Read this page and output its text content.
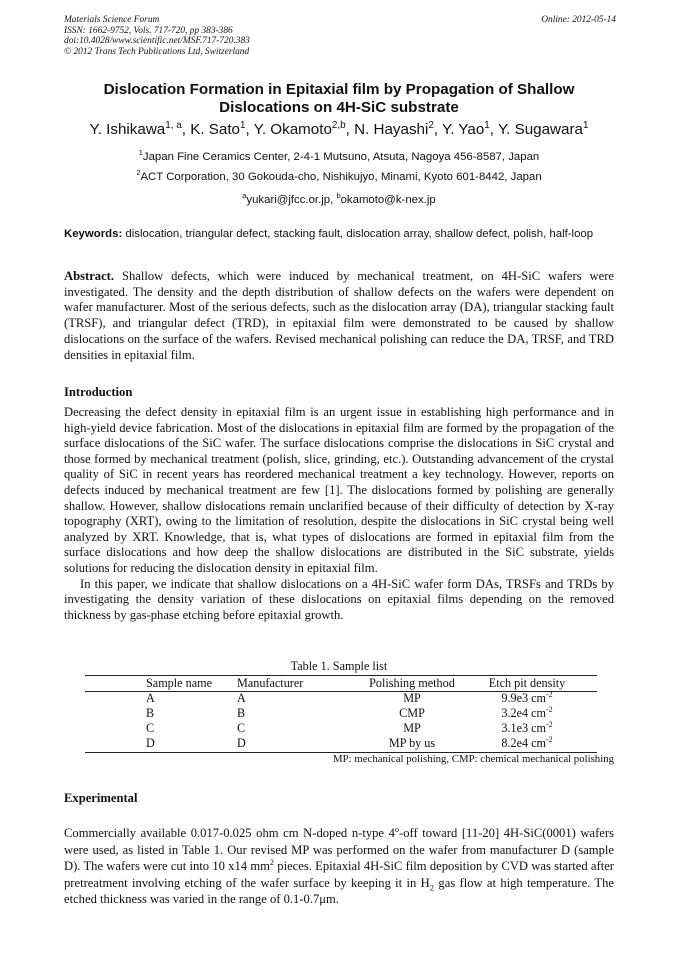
Materials Science Forum
ISSN: 1662-9752, Vols. 717-720, pp 383-386
doi:10.4028/www.scientific.net/MSF.717-720.383
© 2012 Trans Tech Publications Ltd, Switzerland
Online: 2012-05-14
Dislocation Formation in Epitaxial film by Propagation of Shallow
Dislocations on 4H-SiC substrate
Y. Ishikawa$^{1, a}$, K. Sato$^1$, Y. Okamoto$^{2,b}$, N. Hayashi$^2$, Y. Yao$^1$, Y. Sugawara$^1$
$^1$Japan Fine Ceramics Center, 2-4-1 Mutsuno, Atsuta, Nagoya 456-8587, Japan
$^2$ACT Corporation, 30 Gokouda-cho, Nishikujyo, Minami, Kyoto 601-8442, Japan
$^a$yukari@jfcc.or.jp, $^b$okamoto@k-nex.jp
Keywords: dislocation, triangular defect, stacking fault, dislocation array, shallow defect, polish, half-loop
Abstract. Shallow defects, which were induced by mechanical treatment, on 4H-SiC wafers were investigated. The density and the depth distribution of shallow defects on the wafers were dependent on wafer manufacturer. Most of the serious defects, such as the dislocation array (DA), triangular stacking fault (TRSF), and triangular defect (TRD), in epitaxial film were demonstrated to be caused by shallow dislocations on the surface of the wafers. Revised mechanical polishing can reduce the DA, TRSF, and TRD densities in epitaxial film.
Introduction

Decreasing the defect density in epitaxial film is an urgent issue in establishing high performance and in high-yield device fabrication. Most of the dislocations in epitaxial film are formed by the propagation of the surface dislocations of the SiC wafer. The surface dislocations comprise the dislocations in SiC crystal and those formed by mechanical treatment (polish, slice, grinding, etc.). Outstanding advancement of the crystal quality of SiC in recent years has reordered mechanical treatment a key technology. However, reports on defects induced by mechanical treatment are few [1]. The dislocations formed by polishing are generally shallow. However, shallow dislocations remain unclarified because of their difficulty of detection by X-ray topography (XRT), owing to the limitation of resolution, despite the dislocations in SiC crystal being well analyzed by XRT. Knowledge, that is, what types of dislocations are formed in epitaxial film from the surface dislocations and how deep the shallow dislocations are distributed in the SiC substrate, yields solutions for reducing the dislocation density in epitaxial film.

In this paper, we indicate that shallow dislocations on a 4H-SiC wafer form DAs, TRSFs and TRDs by investigating the density variation of these dislocations on epitaxial films depending on the removed thickness by gas-phase etching before epitaxial growth.

Table 1. Sample list
Sample name	Manufacturer	Polishing method	Etch pit density
A	A	MP	9.9e3 $cm^{-2}$
B	B	CMP	3.2e4 $cm^{-2}$
C	C	MP	3.1e3 $cm^{-2}$
D	D	MP by us	8.2e4 $cm^{-2}$
MP: mechanical polishing, CMP: chemical mechanical polishing
Experimental
Commercially available 0.017-0.025 ohm cm N-doped n-type 4$^o$-off toward [11-20] 4H-SiC(0001) wafers were used, as listed in Table 1. Our revised MP was performed on the wafer from manufacturer D (sample D). The wafers were cut into 10 x14 $mm^2$ pieces. Epitaxial 4H-SiC film deposition by CVD was started after pretreatment involving etching of the wafer surface by keeping it in $H_2$ gas flow at high temperature. The etched thickness was varied in the range of 0.1-0.7μm.
